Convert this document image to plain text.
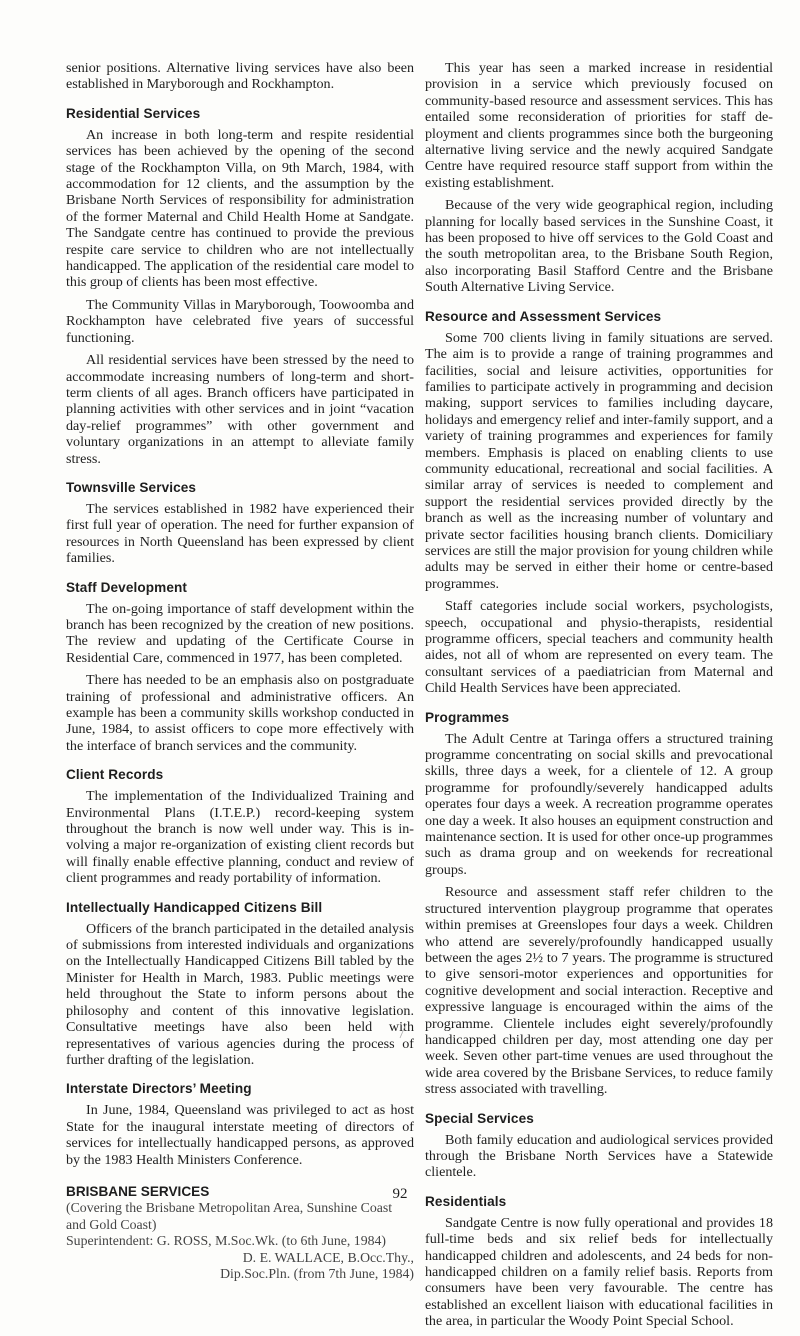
senior positions. Alternative living services have also been established in Maryborough and Rockhampton.

Residential Services

An increase in both long-term and respite residential services has been achieved by the opening of the second stage of the Rockhampton Villa, on 9th March, 1984, with accommodation for 12 clients, and the assumption by the Brisbane North Services of responsibility for administration of the former Maternal and Child Health Home at Sandgate. The Sandgate centre has continued to provide the previous respite care service to children who are not intellectually handicapped. The application of the residential care model to this group of clients has been most effective.

The Community Villas in Maryborough, Toowoomba and Rockhampton have celebrated five years of successful functioning.

All residential services have been stressed by the need to accommodate increasing numbers of long-term and short-term clients of all ages. Branch officers have participated in planning activities with other services and in joint “vacation day-relief programmes” with other government and voluntary organizations in an attempt to alleviate family stress.

Townsville Services

The services established in 1982 have experienced their first full year of operation. The need for further expansion of resources in North Queensland has been expressed by client families.

Staff Development

The on-going importance of staff development within the branch has been recognized by the creation of new positions. The review and updating of the Certificate Course in Residential Care, commenced in 1977, has been completed.

There has needed to be an emphasis also on postgraduate training of professional and administrative officers. An example has been a community skills workshop conducted in June, 1984, to assist officers to cope more effectively with the interface of branch services and the community.

Client Records

The implementation of the Individualized Training and Environmental Plans (I.T.E.P.) record-keeping system throughout the branch is now well under way. This is involving a major re-organization of existing client records but will finally enable effective planning, conduct and review of client programmes and ready portability of information.

Intellectually Handicapped Citizens Bill

Officers of the branch participated in the detailed analysis of submissions from interested individuals and organizations on the Intellectually Handicapped Citizens Bill tabled by the Minister for Health in March, 1983. Public meetings were held throughout the State to inform persons about the philosophy and content of this innovative legislation. Consultative meetings have also been held with representatives of various agencies during the process of further drafting of the legislation.

Interstate Directors’ Meeting

In June, 1984, Queensland was privileged to act as host State for the inaugural interstate meeting of directors of services for intellectually handicapped persons, as approved by the 1983 Health Ministers Conference.

BRISBANE SERVICES
(Covering the Brisbane Metropolitan Area, Sunshine Coast and Gold Coast)
Superintendent: G. ROSS, M.Soc.Wk. (to 6th June, 1984)
D. E. WALLACE, B.Occ.Thy.,
Dip.Soc.Pln. (from 7th June, 1984)

This year has seen a marked increase in residential provision in a service which previously focused on community-based resource and assessment services. This has entailed some reconsideration of priorities for staff deployment and clients programmes since both the burgeoning alternative living service and the newly acquired Sandgate Centre have required resource staff support from within the existing establishment.

Because of the very wide geographical region, including planning for locally based services in the Sunshine Coast, it has been proposed to hive off services to the Gold Coast and the south metropolitan area, to the Brisbane South Region, also incorporating Basil Stafford Centre and the Brisbane South Alternative Living Service.

Resource and Assessment Services

Some 700 clients living in family situations are served. The aim is to provide a range of training programmes and facilities, social and leisure activities, opportunities for families to participate actively in programming and decision making, support services to families including daycare, holidays and emergency relief and inter-family support, and a variety of training programmes and experiences for family members. Emphasis is placed on enabling clients to use community educational, recreational and social facilities. A similar array of services is needed to complement and support the residential services provided directly by the branch as well as the increasing number of voluntary and private sector facilities housing branch clients. Domiciliary services are still the major provision for young children while adults may be served in either their home or centre-based programmes.

Staff categories include social workers, psychologists, speech, occupational and physio-therapists, residential programme officers, special teachers and community health aides, not all of whom are represented on every team. The consultant services of a paediatrician from Maternal and Child Health Services have been appreciated.

Programmes

The Adult Centre at Taringa offers a structured training programme concentrating on social skills and prevocational skills, three days a week, for a clientele of 12. A group programme for profoundly/severely handicapped adults operates four days a week. A recreation programme operates one day a week. It also houses an equipment construction and maintenance section. It is used for other once-up programmes such as drama group and on weekends for recreational groups.

Resource and assessment staff refer children to the structured intervention playgroup programme that operates within premises at Greenslopes four days a week. Children who attend are severely/profoundly handicapped usually between the ages 2½ to 7 years. The programme is structured to give sensori-motor experiences and opportunities for cognitive development and social interaction. Receptive and expressive language is encouraged within the aims of the programme. Clientele includes eight severely/profoundly handicapped children per day, most attending one day per week. Seven other part-time venues are used throughout the wide area covered by the Brisbane Services, to reduce family stress associated with travelling.

Special Services

Both family education and audiological services provided through the Brisbane North Services have a Statewide clientele.

Residentials

Sandgate Centre is now fully operational and provides 18 full-time beds and six relief beds for intellectually handicapped children and adolescents, and 24 beds for non-handicapped children on a family relief basis. Reports from consumers have been very favourable. The centre has established an excellent liaison with educational facilities in the area, in particular the Woody Point Special School.

92
